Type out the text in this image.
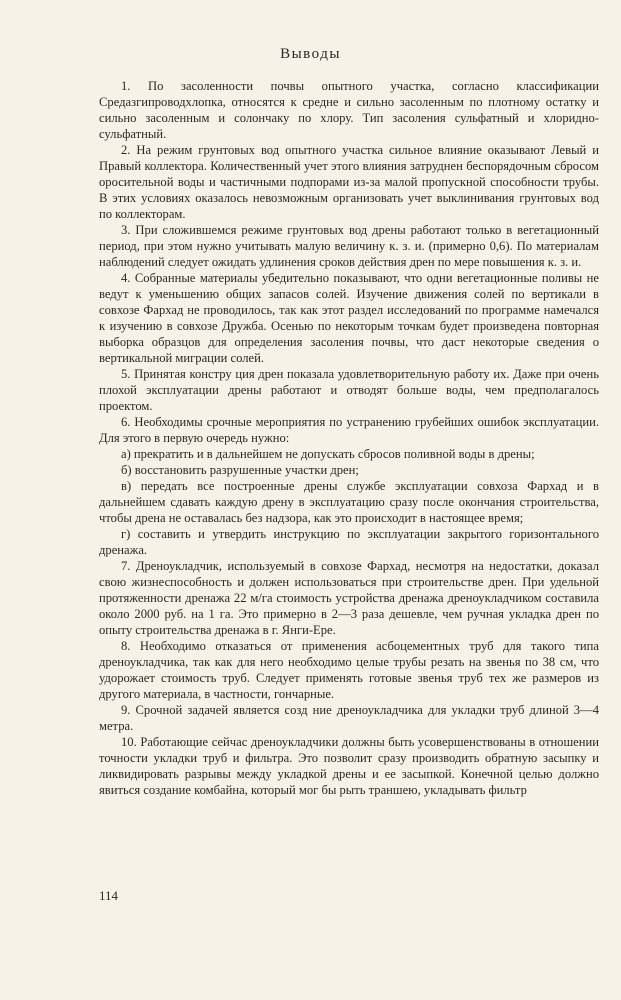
Выводы

1. По засоленности почвы опытного участка, согласно классификации Средазгипроводхлопка, относятся к средне и сильно засоленным по плотному остатку и сильно засоленным и солончаку по хлору. Тип засоления сульфатный и хлоридно-сульфатный.

2. На режим грунтовых вод опытного участка сильное влияние оказывают Левый и Правый коллектора. Количественный учет этого влияния затруднен беспорядочным сбросом оросительной воды и частичными подпорами из-за малой пропускной способности трубы. В этих условиях оказалось невозможным организовать учет выклинивания грунтовых вод по коллекторам.

3. При сложившемся режиме грунтовых вод дрены работают только в вегетационный период, при этом нужно учитывать малую величину к. з. и. (примерно 0,6). По материалам наблюдений следует ожидать удлинения сроков действия дрен по мере повышения к. з. и.

4. Собранные материалы убедительно показывают, что одни вегетационные поливы не ведут к уменьшению общих запасов солей. Изучение движения солей по вертикали в совхозе Фархад не проводилось, так как этот раздел исследований по программе намечался к изучению в совхозе Дружба. Осенью по некоторым точкам будет произведена повторная выборка образцов для определения засоления почвы, что даст некоторые сведения о вертикальной миграции солей.

5. Принятая констру ция дрен показала удовлетворительную работу их. Даже при очень плохой эксплуатации дрены работают и отводят больше воды, чем предполагалось проектом.

6. Необходимы срочные мероприятия по устранению грубейших ошибок эксплуатации. Для этого в первую очередь нужно:

а) прекратить и в дальнейшем не допускать сбросов поливной воды в дрены;

б) восстановить разрушенные участки дрен;

в) передать все построенные дрены службе эксплуатации совхоза Фархад и в дальнейшем сдавать каждую дрену в эксплуатацию сразу после окончания строительства, чтобы дрена не оставалась без надзора, как это происходит в настоящее время;

г) составить и утвердить инструкцию по эксплуатации закрытого горизонтального дренажа.

7. Дреноукладчик, используемый в совхозе Фархад, несмотря на недостатки, доказал свою жизнеспособность и должен использоваться при строительстве дрен. При удельной протяженности дренажа 22 м/га стоимость устройства дренажа дреноукладчиком составила около 2000 руб. на 1 га. Это примерно в 2—3 раза дешевле, чем ручная укладка дрен по опыту строительства дренажа в г. Янги-Ере.

8. Необходимо отказаться от применения асбоцементных труб для такого типа дреноукладчика, так как для него необходимо целые трубы резать на звенья по 38 см, что удорожает стоимость труб. Следует применять готовые звенья труб тех же размеров из другого материала, в частности, гончарные.

9. Срочной задачей является созд ние дреноукладчика для укладки труб длиной 3—4 метра.

10. Работающие сейчас дреноукладчики должны быть усовершенствованы в отношении точности укладки труб и фильтра. Это позволит сразу производить обратную засыпку и ликвидировать разрывы между укладкой дрены и ее засыпкой. Конечной целью должно явиться создание комбайна, который мог бы рыть траншею, укладывать фильтр

114
